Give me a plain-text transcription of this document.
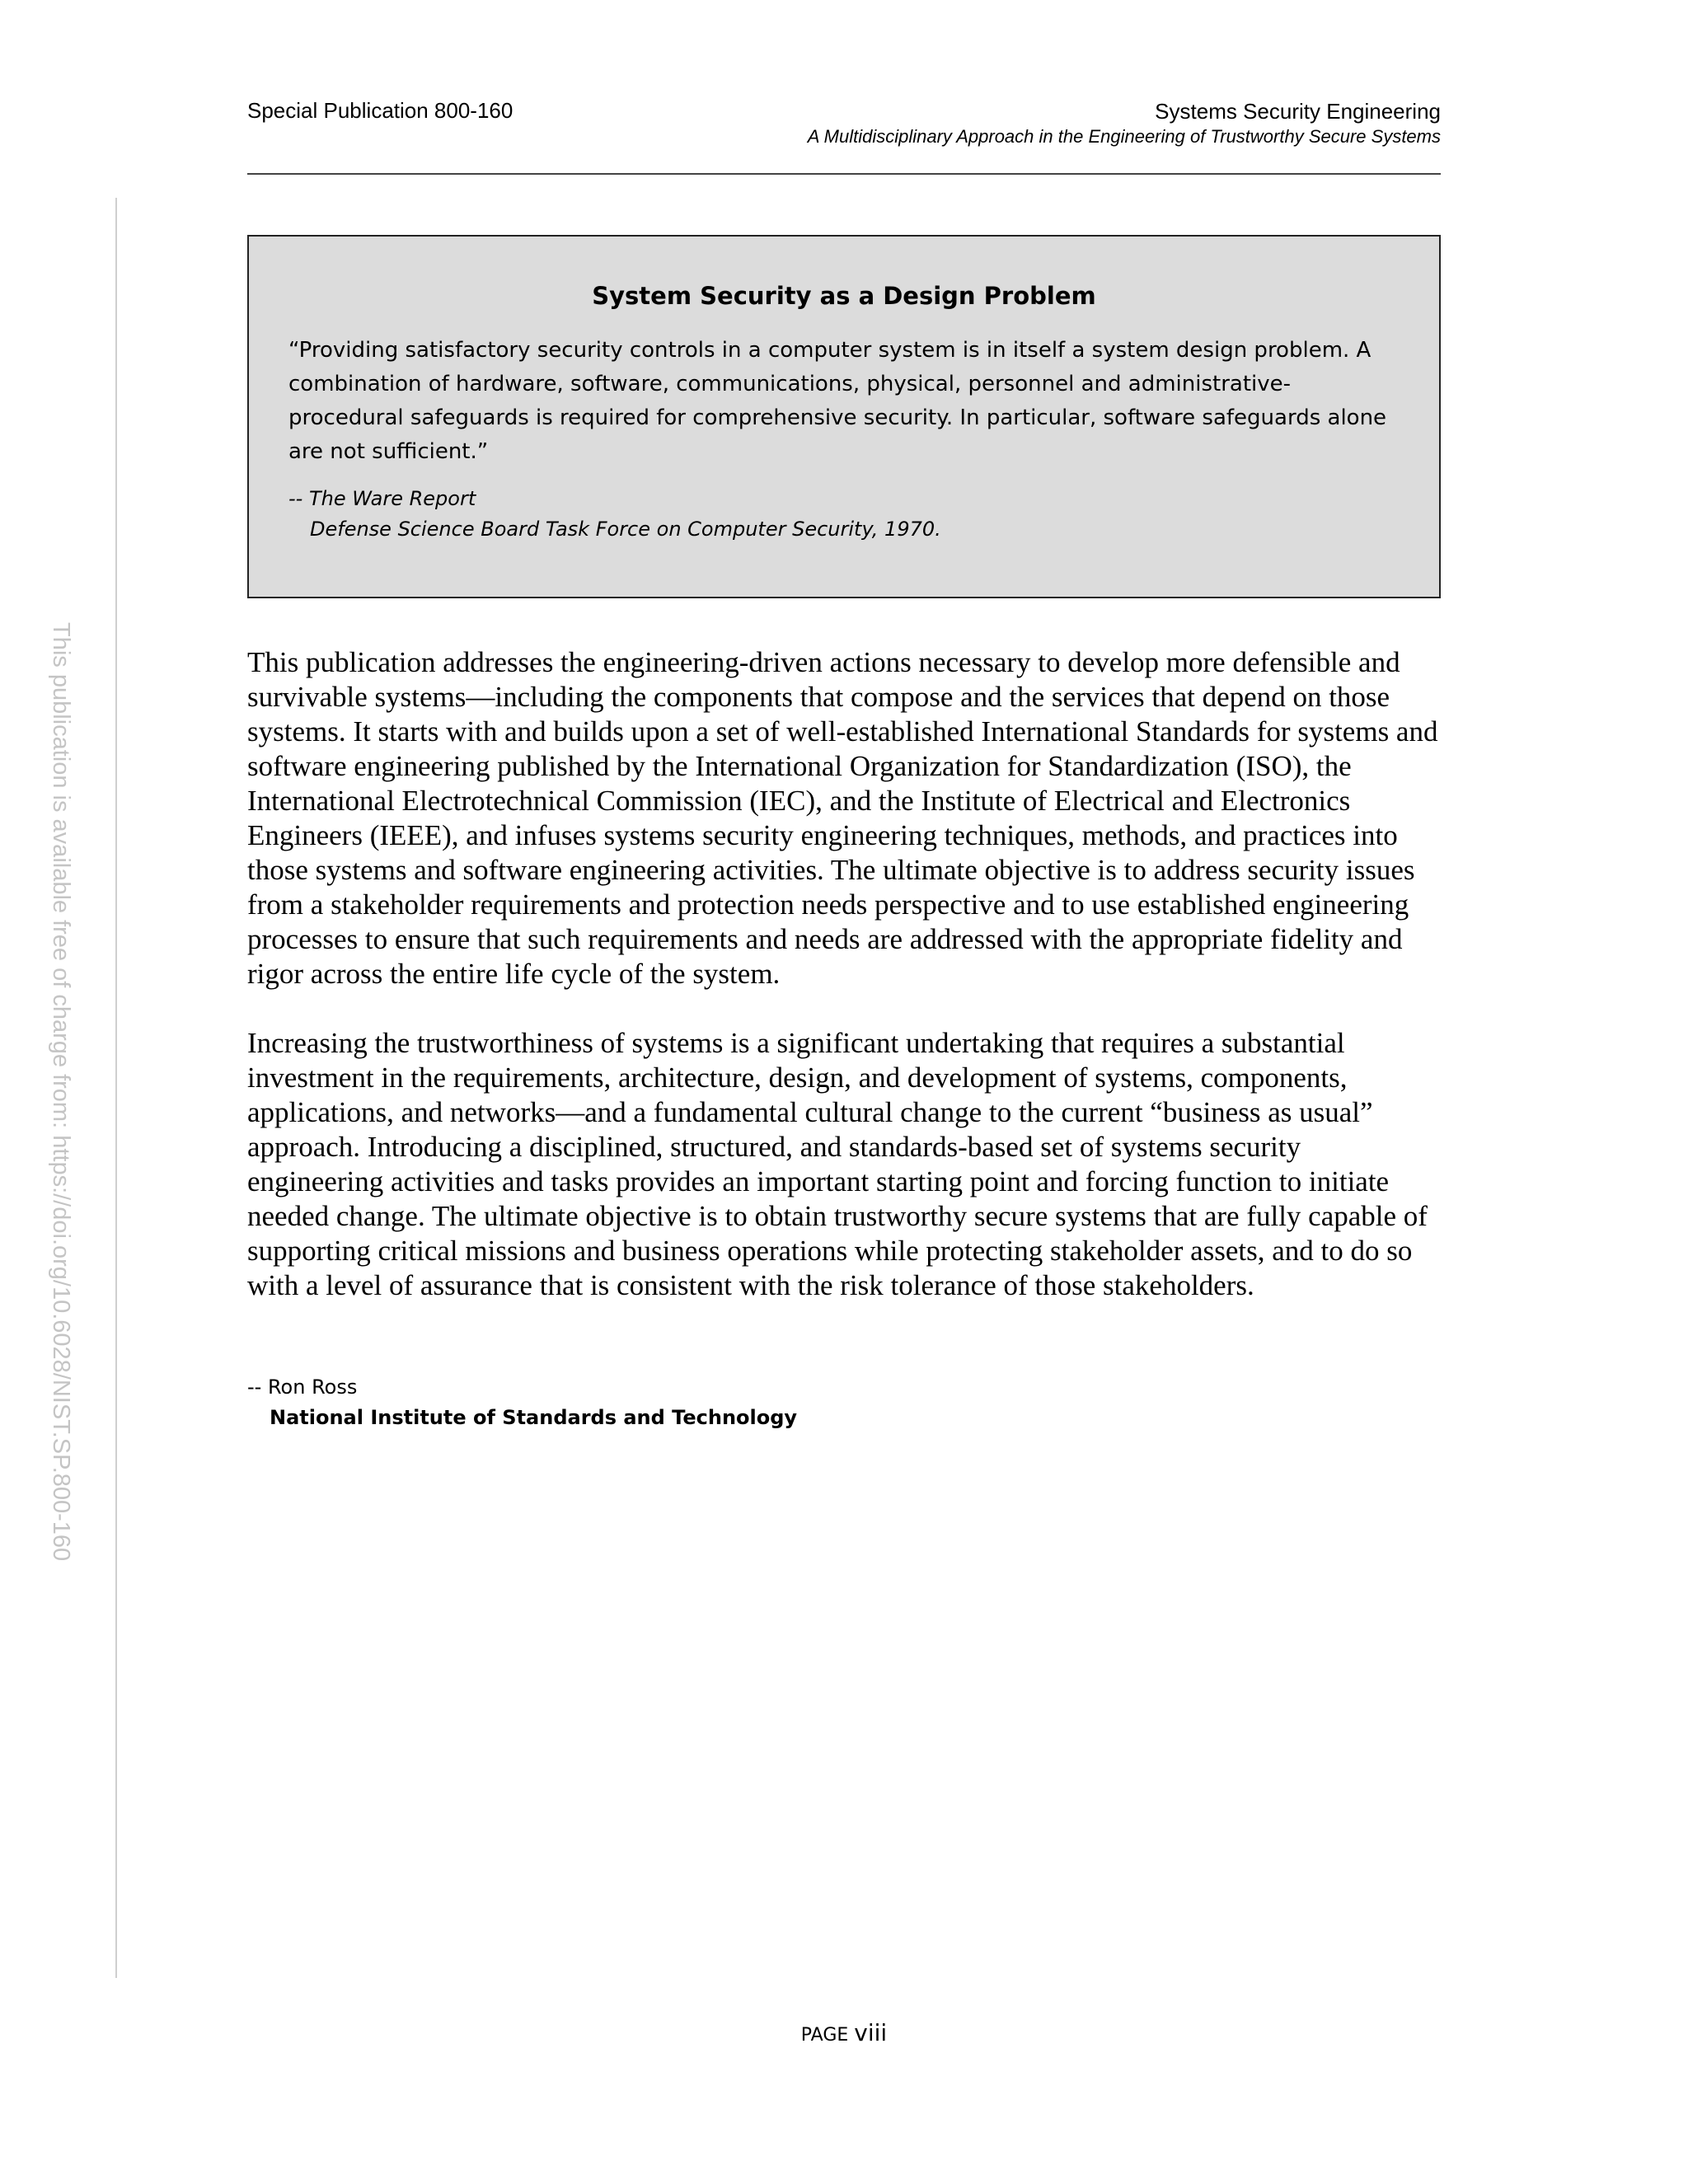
Special Publication 800-160	Systems Security Engineering
A Multidisciplinary Approach in the Engineering of Trustworthy Secure Systems
This publication is available free of charge from: https://doi.org/10.6028/NIST.SP.800-160
System Security as a Design Problem
“Providing satisfactory security controls in a computer system is in itself a system design problem. A combination of hardware, software, communications, physical, personnel and administrative-procedural safeguards is required for comprehensive security. In particular, software safeguards alone are not sufficient.”
-- The Ware Report
Defense Science Board Task Force on Computer Security, 1970.

This publication addresses the engineering-driven actions necessary to develop more defensible and survivable systems—including the components that compose and the services that depend on those systems. It starts with and builds upon a set of well-established International Standards for systems and software engineering published by the International Organization for Standardization (ISO), the International Electrotechnical Commission (IEC), and the Institute of Electrical and Electronics Engineers (IEEE), and infuses systems security engineering techniques, methods, and practices into those systems and software engineering activities. The ultimate objective is to address security issues from a stakeholder requirements and protection needs perspective and to use established engineering processes to ensure that such requirements and needs are addressed with the appropriate fidelity and rigor across the entire life cycle of the system.

Increasing the trustworthiness of systems is a significant undertaking that requires a substantial investment in the requirements, architecture, design, and development of systems, components, applications, and networks—and a fundamental cultural change to the current “business as usual” approach. Introducing a disciplined, structured, and standards-based set of systems security engineering activities and tasks provides an important starting point and forcing function to initiate needed change. The ultimate objective is to obtain trustworthy secure systems that are fully capable of supporting critical missions and business operations while protecting stakeholder assets, and to do so with a level of assurance that is consistent with the risk tolerance of those stakeholders.

-- Ron Ross
National Institute of Standards and Technology
PAGE viii
